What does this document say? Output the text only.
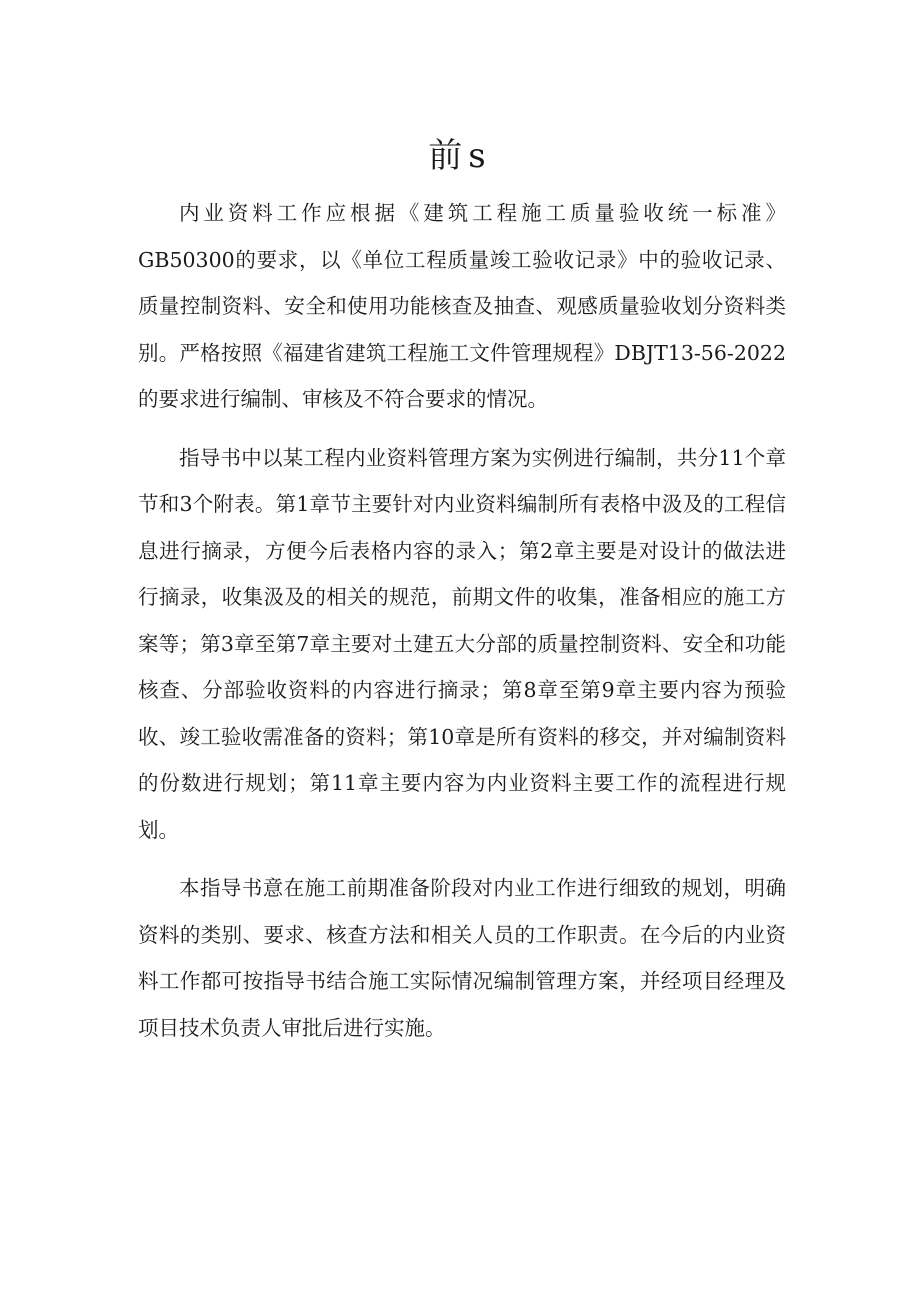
前s

内业资料工作应根据《建筑工程施工质量验收统一标准》GB50300的要求，以《单位工程质量竣工验收记录》中的验收记录、质量控制资料、安全和使用功能核查及抽查、观感质量验收划分资料类别。严格按照《福建省建筑工程施工文件管理规程》DBJT13-56-2022的要求进行编制、审核及不符合要求的情况。

指导书中以某工程内业资料管理方案为实例进行编制，共分11个章节和3个附表。第1章节主要针对内业资料编制所有表格中汲及的工程信息进行摘录，方便今后表格内容的录入；第2章主要是对设计的做法进行摘录，收集汲及的相关的规范，前期文件的收集，准备相应的施工方案等；第3章至第7章主要对土建五大分部的质量控制资料、安全和功能核查、分部验收资料的内容进行摘录；第8章至第9章主要内容为预验收、竣工验收需准备的资料；第10章是所有资料的移交，并对编制资料的份数进行规划；第11章主要内容为内业资料主要工作的流程进行规划。

本指导书意在施工前期准备阶段对内业工作进行细致的规划，明确资料的类别、要求、核查方法和相关人员的工作职责。在今后的内业资料工作都可按指导书结合施工实际情况编制管理方案，并经项目经理及项目技术负责人审批后进行实施。
